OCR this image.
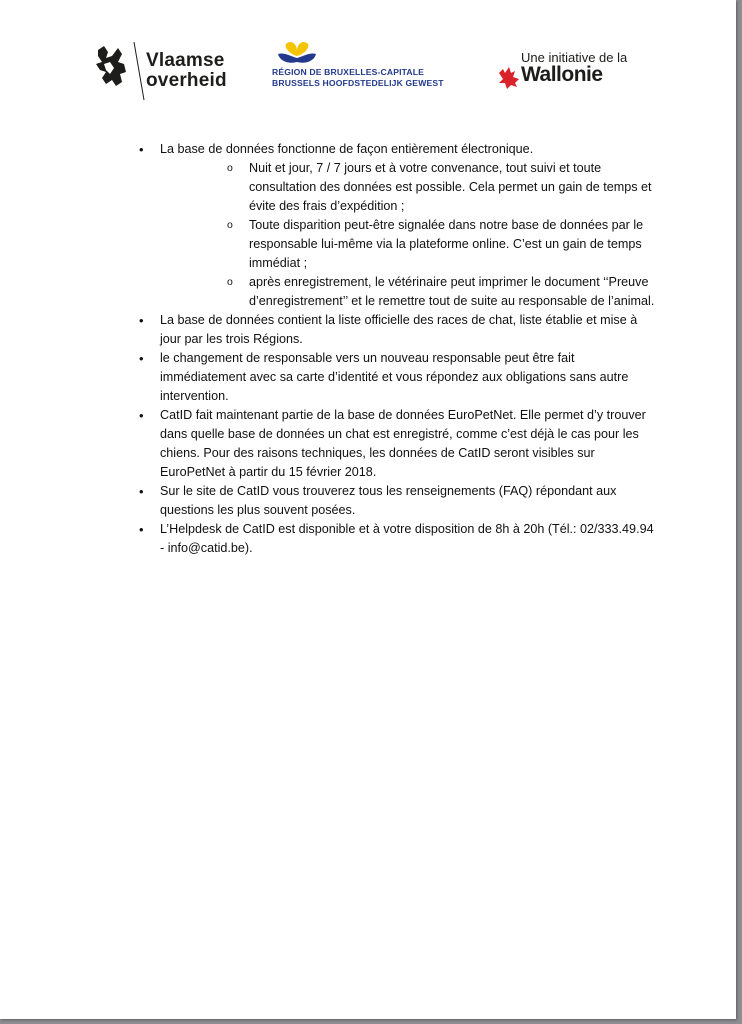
Vlaamse
overheid	RÉGION DE BRUXELLES-CAPITALE
BRUSSELS HOOFDSTEDELIJK GEWEST
Une initiative de la
Wallonie
• La base de données fonctionne de façon entièrement électronique.
o Nuit et jour, 7 / 7 jours et à votre convenance, tout suivi et toute consultation des données est possible. Cela permet un gain de temps et évite des frais d’expédition ;
o Toute disparition peut-être signalée dans notre base de données par le responsable lui-même via la plateforme online. C’est un gain de temps immédiat ;
o après enregistrement, le vétérinaire peut imprimer le document ‘‘Preuve d’enregistrement’’ et le remettre tout de suite au responsable de l’animal.
• La base de données contient la liste officielle des races de chat, liste établie et mise à jour par les trois Régions.
• le changement de responsable vers un nouveau responsable peut être fait immédiatement avec sa carte d’identité et vous répondez aux obligations sans autre intervention.
• CatID fait maintenant partie de la base de données EuroPetNet. Elle permet d’y trouver dans quelle base de données un chat est enregistré, comme c’est déjà le cas pour les chiens. Pour des raisons techniques, les données de CatID seront visibles sur EuroPetNet à partir du 15 février 2018.
• Sur le site de CatID vous trouverez tous les renseignements (FAQ) répondant aux questions les plus souvent posées.
• L’Helpdesk de CatID est disponible et à votre disposition de 8h à 20h (Tél.: 02/333.49.94 - info@catid.be).
